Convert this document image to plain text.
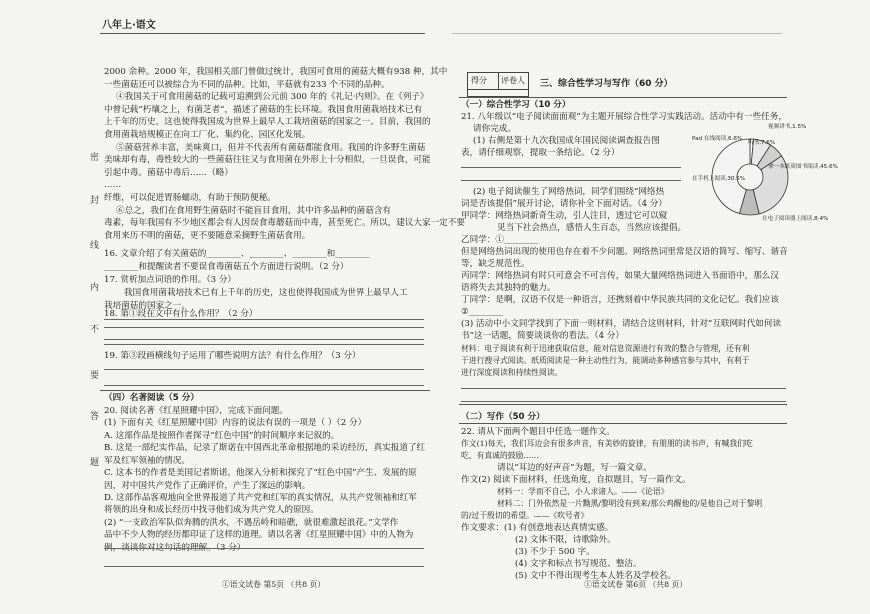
八年上·语文
密
封
线
内
不
要
答
题
2000 余种。2000 年，我国相关部门曾做过统计，我国可食用的菌菇大概有938 种，其中
一些菌菇还可以被综合为不同的品种。比如，平菇就有233 个不同的品种。
④我国关于可食用菌菇的记载可追溯到公元前 300 年的《礼记·内则》。在《列子》
中曾记载“朽壤之上，有菌芝者”，描述了菌菇的生长环境。我国食用菌栽培技术已有
上千年的历史，这也使得我国成为世界上最早人工栽培菌菇的国家之一。目前，我国的
食用菌栽培规模正在向工厂化、集约化、园区化发展。
⑤菌菇营养丰富，美味爽口，但并不代表所有菌菇都能食用。我国的许多野生菌菇
美味却有毒，毒性较大的一些菌菇往往又与食用菌在外形上十分相似，一旦误食，可能
引起中毒。菌菇中毒后……（略）
……
纤维，可以促进胃肠蠕动，有助于预防便秘。
⑥总之，我们在食用野生菌菇时不能盲目食用，其中许多品种的菌菇含有
毒素，每年我国有不少地区都会有人因误食毒蘑菇而中毒，甚至死亡。所以，建议大家一定不要
食用来历不明的菌菇，更不要随意采摘野生菌菇食用。
16. 文章介绍了有关菌菇的________、________、________和________
________和提醒读者不要误食毒菌菇五个方面进行说明。（2 分）
17. 赏析加点词语的作用。（3 分）
我国食用菌栽培技术已有上千年的历史，这也使得我国成为世界上最早人工
栽培菌菇的国家之一。
18. 第①段在文中有什么作用？（2 分）
19. 第③段画横线句子运用了哪些说明方法？有什么作用？（3 分）
（四）名著阅读（5 分）
20. 阅读名著《红星照耀中国》，完成下面问题。
(1) 下面有关《红星照耀中国》内容的说法有误的一项是（ ）（2 分）
A. 这部作品是按照作者探寻“红色中国”的时间顺序来记叙的。
B. 这是一部纪实作品，记录了斯诺在中国西北革命根据地的采访经历，真实报道了红
军及红军领袖的情况。
C. 这本书的作者是美国记者斯诺，他深入分析和探究了“红色中国”产生、发展的原
因，对中国共产党作了正确评价，产生了深远的影响。
D. 这部作品客观地向全世界报道了共产党和红军的真实情况，从共产党领袖和红军
将领的出身和成长经历中找寻他们成为共产党人的原因。
(2) “一支政治军队似奔腾的洪水，不遇岳岭和暗礁，就很难激起浪花。”文学作
品中不少人物的经历都印证了这样的道理。请以名著《红星照耀中国》中的人物为
例，谈谈你对这句话的理解。（3 分）
①语文试卷 第5页 （共8 页）
得分 评卷人 三、综合性学习与写作（60 分）
（一）综合性学习（10 分）
21. 八年级以“电子阅读面面观”为主题开展综合性学习实践活动。活动中有一些任务，
请你完成。
(1) 右侧是第十九次我国成年国民阅读调查报告图
表，请仔细观察，提取一条结论。（2 分）
(2) 电子阅读催生了网络热词，同学们围绕“网络热
词是否该提倡”展开讨论，请你补全下面对话。（4 分）
甲同学：网络热词新奇生动，引人注目，透过它可以窥
见当下社会热点，感悟人生百态，当然应该提倡。
乙同学：①________
但是网络热词出现的使用也存在着不少问题。网络热词里常是汉语的简写、缩写、谐音
等，缺乏规范性。
丙同学：网络热词有时只可意会不可言传，如果大量网络热词进入书面语中，那么汉
语将失去其独特的魅力。
丁同学：是啊，汉语不仅是一种语言，还携刻着中华民族共同的文化记忆。我们应该
②________
(3) 活动中小文同学找到了下面一则材料，请结合这则材料，针对“互联网时代如何读
书”这一话题，简要谈谈你的看法。（4 分）
材料：电子阅读有利于迅速获取信息，能对信息资源进行有效的整合与管理，还有利
于进行搜寻式阅读。纸质阅读是一种主动性行为，能调动多种感官参与其中，有利于
进行深度阅读和持续性阅读。
（二）写作（50 分）
22. 请从下面两个题目中任选一题作文。
作文(1)每天，我们耳边会有很多声音，有美妙的旋律，有朋朋的读书声，有喊我们吃
吃，有真诚的鼓励……
请以“耳边的好声音”为题，写一篇文章。
作文(2) 阅读下面材料，任选角度，自拟题目，写一篇作文。
材料一：学而不自己，小人求诸人。——《论语》
材料二：门外依然是一片黝黑/黎明没有到来/那公鸡醒他的/是他自己对于黎明
的/过于殷切的希望。——《吹号者》
作文要求：(1) 有创意地表达真情实感。
(2) 文体不限，诗歌除外。
(3) 不少于 500 字。
(4) 文字和标点书写规范、整洁。
(5) 文中不得出现考生本人姓名及学校名。
①语文试卷 第6页 （共8 页）
视频讲书,1.5%
Pad 在线阅读,6.6%
听书,7.6%
在手机上阅读,30.5%
拿一本纸质图书阅读,45.6%
在电子阅读器上阅读,8.4%
